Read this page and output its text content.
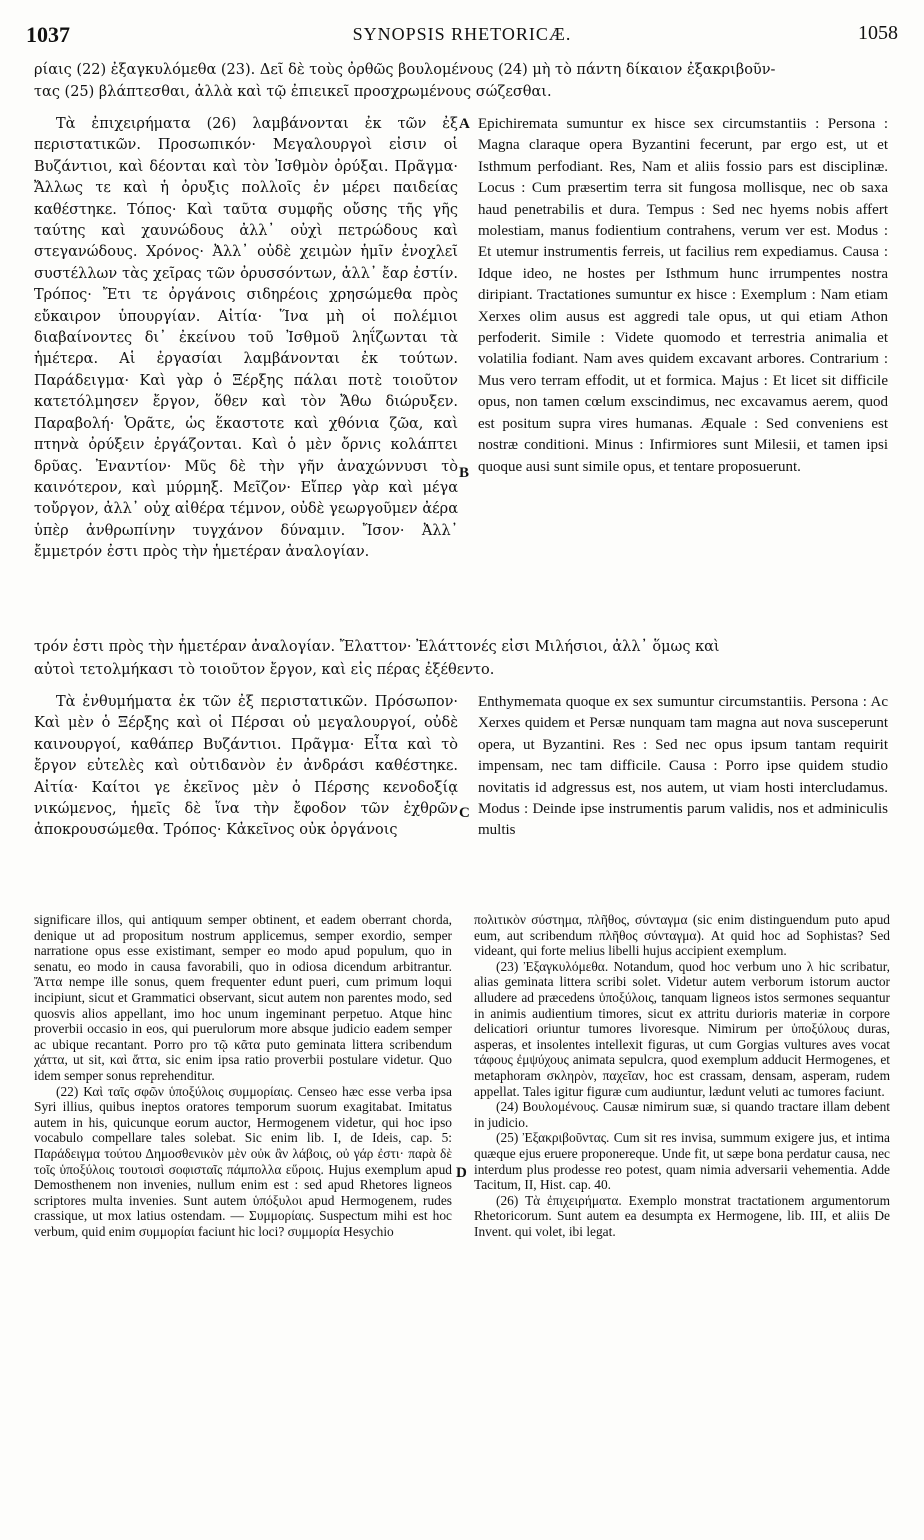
1037	SYNOPSIS RHETORICÆ.	1058
ρίαις (22) ἐξαγκυλόμεθα (23). Δεῖ δὲ τοὺς ὀρθῶς βουλομένους (24) μὴ τὸ πάντη δίκαιον ἐξακριβοῦν-
τας (25) βλάπτεσθαι, ἀλλὰ καὶ τῷ ἐπιεικεῖ προσχρωμένους σώζεσθαι.

Τὰ ἐπιχειρήματα (26) λαμβάνονται ἐκ τῶν ἐξ περιστατικῶν. Προσωπικόν· Μεγαλουργοὶ εἰσιν οἱ Βυζάντιοι, καὶ δέονται καὶ τὸν Ἰσθμὸν ὀρύξαι. Πρᾶγμα· Ἄλλως τε καὶ ἡ ὀρυξις πολλοῖς ἐν μέρει παιδείας καθέστηκε. Τόπος· Καὶ ταῦτα συμφῆς οὔσης τῆς γῆς ταύτης καὶ χαυνώδους ἀλλ᾽ οὐχὶ πετρώδους καὶ στεγανώδους. Χρόνος· Ἀλλ᾽ οὐδὲ χειμὼν ἡμῖν ἐνοχλεῖ συστέλλων τὰς χεῖρας τῶν ὀρυσσόντων, ἀλλ᾽ ἔαρ ἐστίν. Τρόπος· Ἔτι τε ὀργάνοις σιδηρέοις χρησώμεθα πρὸς εὔκαιρον ὑπουργίαν. Αἰτία· Ἵνα μὴ οἱ πολέμιοι διαβαίνοντες δι᾽ ἐκείνου τοῦ Ἰσθμοῦ ληΐζωνται τὰ ἡμέτερα. Αἱ ἐργασίαι λαμβάνονται ἐκ τούτων. Παράδειγμα· Καὶ γὰρ ὁ Ξέρξης πάλαι ποτὲ τοιοῦτον κατετόλμησεν ἔργον, ὅθεν καὶ τὸν Ἄθω διώρυξεν. Παραβολή· Ὁρᾶτε, ὡς ἕκαστοτε καὶ χθόνια ζῶα, καὶ πτηνὰ ὀρύξειν ἐργάζονται. Καὶ ὁ μὲν ὄρνις κολάπτει δρῦας. Ἐναντίον· Μῦς δὲ τὴν γῆν ἀναχώννυσι τὸ καινότερον, καὶ μύρμηξ. Μεῖζον· Εἴπερ γὰρ καὶ μέγα τοὔργον, ἀλλ᾽ οὐχ αἰθέρα τέμνον, οὐδὲ γεωργοῦμεν ἀέρα ὑπὲρ ἀνθρωπίνην τυγχάνον δύναμιν. Ἴσον· Ἀλλ᾽ ἔμμετρόν ἐστι πρὸς τὴν ἡμετέραν ἀναλογίαν.

Epichiremata sumuntur ex hisce sex circumstantiis : Persona : Magna claraque opera Byzantini fecerunt, par ergo est, ut et Isthmum perfodiant. Res, Nam et aliis fossio pars est disciplinæ. Locus : Cum præsertim terra sit fungosa mollisque, nec ob saxa haud penetrabilis et dura. Tempus : Sed nec hyems nobis affert molestiam, manus fodientium contrahens, verum ver est. Modus : Et utemur instrumentis ferreis, ut facilius rem expediamus. Causa : Idque ideo, ne hostes per Isthmum hunc irrumpentes nostra diripiant. Tractationes sumuntur ex hisce : Exemplum : Nam etiam Xerxes olim ausus est aggredi tale opus, ut qui etiam Athon perfoderit. Simile : Videte quomodo et terrestria animalia et volatilia fodiant. Nam aves quidem excavant arbores. Contrarium : Mus vero terram effodit, ut et formica. Majus : Et licet sit difficile opus, non tamen cœlum exscindimus, nec excavamus aerem, quod est positum supra vires humanas. Æquale : Sed conveniens est nostræ conditioni. Minus : Infirmiores sunt Milesii, et tamen ipsi quoque ausi sunt simile opus, et tentare proposuerunt.

τρόν ἐστι πρὸς τὴν ἡμετέραν ἀναλογίαν. Ἔλαττον· Ἐλάττονές εἰσι Μιλήσιοι, ἀλλ᾽ ὅμως καὶ
αὐτοὶ τετολμήκασι τὸ τοιοῦτον ἔργον, καὶ εἰς πέρας ἐξέθεντο.

Τὰ ἐνθυμήματα ἐκ τῶν ἐξ περιστατικῶν. Πρόσωπον· Καὶ μὲν ὁ Ξέρξης καὶ οἱ Πέρσαι οὐ μεγαλουργοί, οὐδὲ καινουργοί, καθάπερ Βυζάντιοι. Πρᾶγμα· Εἶτα καὶ τὸ ἔργον εὐτελὲς καὶ οὐτιδανὸν ἐν ἀνδράσι καθέστηκε. Αἰτία· Καίτοι γε ἐκεῖνος μὲν ὁ Πέρσης κενοδοξίᾳ νικώμενος, ἡμεῖς δὲ ἵνα τὴν ἔφοδον τῶν ἐχθρῶν ἀποκρουσώμεθα. Τρόπος· Κἀκεῖνος οὐκ ὀργάνοις

Enthymemata quoque ex sex sumuntur circumstantiis. Persona : Ac Xerxes quidem et Persæ nunquam tam magna aut nova susceperunt opera, ut Byzantini. Res : Sed nec opus ipsum tantam requirit impensam, nec tam difficile. Causa : Porro ipse quidem studio novitatis id adgressus est, nos autem, ut viam hosti intercludamus. Modus : Deinde ipse instrumentis parum validis, nos et adminiculis multis

significare illos, qui antiquum semper obtinent, et eadem oberrant chorda, denique ut ad propositum nostrum applicemus, semper exordio, semper narratione opus esse existimant, semper eo modo apud populum, quo in senatu, eo modo in causa favorabili, quo in odiosa dicendum arbitrantur. Ἄττα nempe ille sonus, quem frequenter edunt pueri, cum primum loqui incipiunt, sicut et Grammatici observant, sicut autem non parentes modo, sed quosvis alios appellant, imo hoc unum ingeminant perpetuo. Atque hinc proverbii occasio in eos, qui puerulorum more absque judicio eadem semper ac ubique recantant. Porro pro τῷ κᾶτα puto geminata littera scribendum χάττα, ut sit, καὶ ἄττα, sic enim ipsa ratio proverbii postulare videtur. Quo idem semper sonus reprehenditur.

(22) Καὶ ταῖς σφῶν ὑποξύλοις συμμορίαις. Censeo hæc esse verba ipsa Syri illius, quibus ineptos oratores temporum suorum exagitabat. Imitatus autem in his, quicunque eorum auctor, Hermogenem videtur, qui hoc ipso vocabulo compellare tales solebat. Sic enim lib. I, de Ideis, cap. 5: Παράδειγμα τούτου Δημοσθενικὸν μὲν οὐκ ἂν λάβοις, οὐ γάρ ἐστι· παρὰ δὲ τοῖς ὑποξύλοις τουτοισὶ σοφισταῖς πάμπολλα εὕροις. Hujus exemplum apud Demosthenem non invenies, nullum enim est : sed apud Rhetores ligneos scriptores multa invenies. Sunt autem ὑπόξυλοι apud Hermogenem, rudes crassique, ut mox latius ostendam. — Συμμορίαις. Suspectum mihi est hoc verbum, quid enim συμμορίαι faciunt hic loci? συμμορία Hesychio

πολιτικὸν σύστημα, πλῆθος, σύνταγμα (sic enim distinguendum puto apud eum, aut scribendum πλῆθος σύνταγμα). At quid hoc ad Sophistas? Sed videant, qui forte melius libelli hujus accipient exemplum.

(23) Ἐξαγκυλόμεθα. Notandum, quod hoc verbum uno λ hic scribatur, alias geminata littera scribi solet. Videtur autem verborum istorum auctor alludere ad præcedens ὑποξύλοις, tanquam ligneos istos sermones sequantur in animis audientium timores, sicut ex attritu durioris materiæ in corpore delicatiori oriuntur tumores livoresque. Nimirum per ὑποξύλους duras, asperas, et insolentes intellexit figuras, ut cum Gorgias vultures aves vocat τάφους ἐμψύχους animata sepulcra, quod exemplum adducit Hermogenes, et metaphoram σκληρὸν, παχεῖαν, hoc est crassam, densam, asperam, rudem appellat. Tales igitur figuræ cum audiuntur, lædunt veluti ac tumores faciunt.

(24) Βουλομένους. Causæ nimirum suæ, si quando tractare illam debent in judicio.

(25) Ἐξακριβοῦντας. Cum sit res invisa, summum exigere jus, et intima quæque ejus eruere proponereque. Unde fit, ut sæpe bona perdatur causa, nec interdum plus prodesse reo potest, quam nimia adversarii vehementia. Adde Tacitum, II, Hist. cap. 40.

(26) Τὰ ἐπιχειρήματα. Exemplo monstrat tractationem argumentorum Rhetoricorum. Sunt autem ea desumpta ex Hermogene, lib. III, et aliis De Invent. qui volet, ibi legat.

A
B
C
D
